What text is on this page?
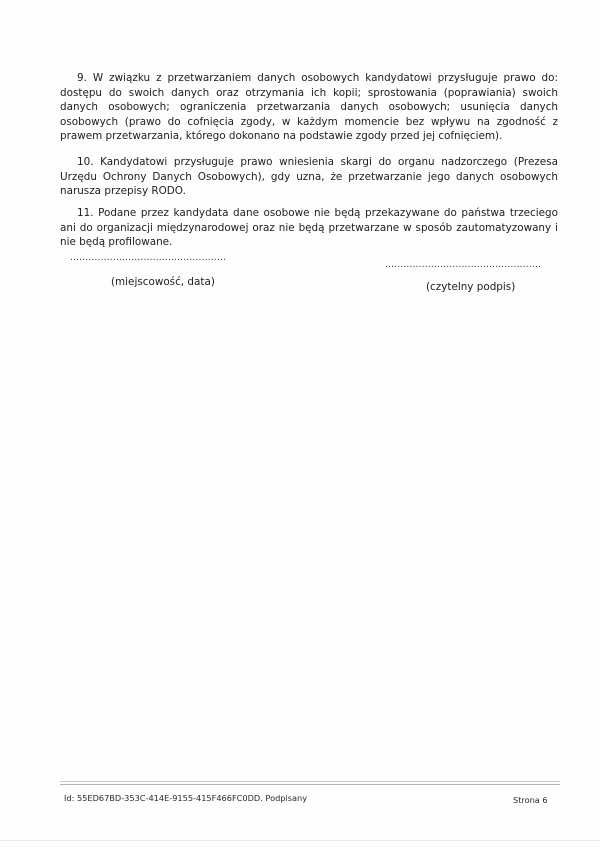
9. W związku z przetwarzaniem danych osobowych kandydatowi przysługuje prawo do: dostępu do swoich danych oraz otrzymania ich kopii; sprostowania (poprawiania) swoich danych osobowych; ograniczenia przetwarzania danych osobowych; usunięcia danych osobowych (prawo do cofnięcia zgody, w każdym momencie bez wpływu na zgodność z prawem przetwarzania, którego dokonano na podstawie zgody przed jej cofnięciem).

10. Kandydatowi przysługuje prawo wniesienia skargi do organu nadzorczego (Prezesa Urzędu Ochrony Danych Osobowych), gdy uzna, że przetwarzanie jego danych osobowych narusza przepisy RODO.

11. Podane przez kandydata dane osobowe nie będą przekazywane do państwa trzeciego ani do organizacji międzynarodowej oraz nie będą przetwarzane w sposób zautomatyzowany i nie będą profilowane.

...................................................
(miejscowość, data)
...................................................
(czytelny podpis)
Id: 55ED67BD-353C-414E-9155-415F466FC0DD. Podpisany	Strona 6
